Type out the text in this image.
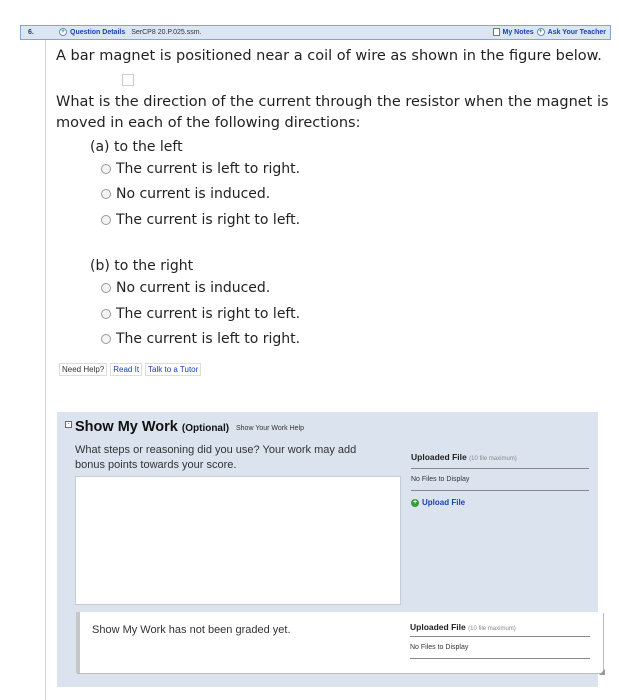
6.	+ Question Details SerCP8 20.P.025.ssm.	My Notes + Ask Your Teacher
A bar magnet is positioned near a coil of wire as shown in the figure below.
What is the direction of the current through the resistor when the magnet is
moved in each of the following directions:
(a) to the left
The current is left to right.
No current is induced.
The current is right to left.
(b) to the right
No current is induced.
The current is right to left.
The current is left to right.
Need Help?	Read It	Talk to a Tutor
- Show My Work (Optional) Show Your Work Help
What steps or reasoning did you use? Your work may add
bonus points towards your score.
Uploaded File (10 file maximum)
No Files to Display
+ Upload File
Show My Work has not been graded yet.	Uploaded File (10 file maximum)
No Files to Display
